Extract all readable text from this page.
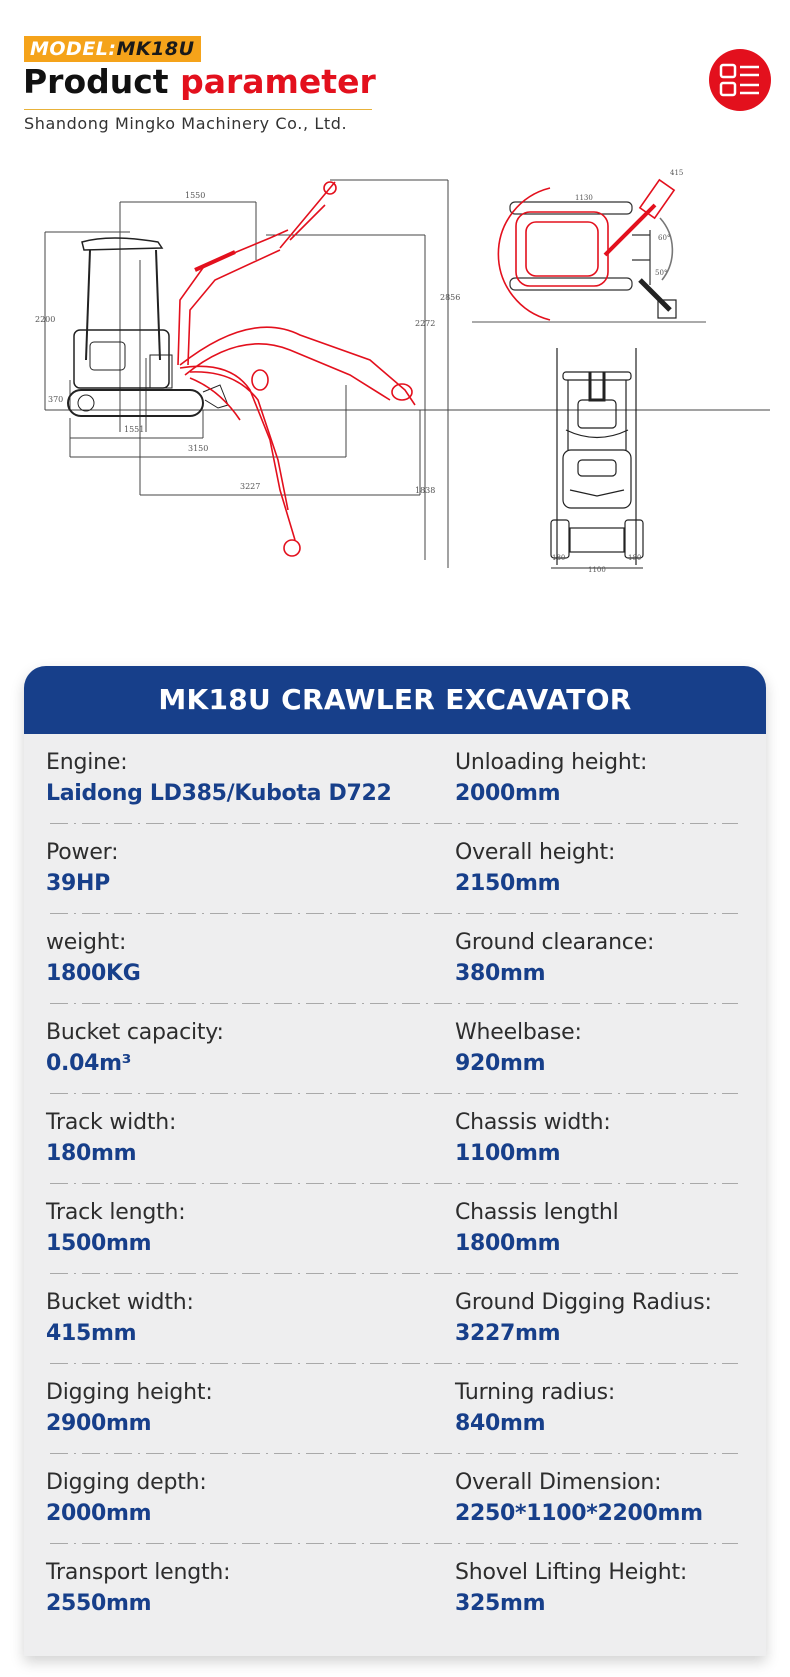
MODEL:MK18U
Product parameter
Shandong Mingko Machinery Co., Ltd.
1550
2200
370
1551
3150
3227
2272
2856
1838
415
1130
60°
50°
180
1100
180
MK18U CRAWLER EXCAVATOR
Engine:
Laidong LD385/Kubota D722
Unloading height:
2000mm
Power:
39HP
Overall height:
2150mm
weight:
1800KG
Ground clearance:
380mm
Bucket capacity:
0.04m³
Wheelbase:
920mm
Track width:
180mm
Chassis width:
1100mm
Track length:
1500mm
Chassis lengthl
1800mm
Bucket width:
415mm
Ground Digging Radius:
3227mm
Digging height:
2900mm
Turning radius:
840mm
Digging depth:
2000mm
Overall Dimension:
2250*1100*2200mm
Transport length:
2550mm
Shovel Lifting Height:
325mm
